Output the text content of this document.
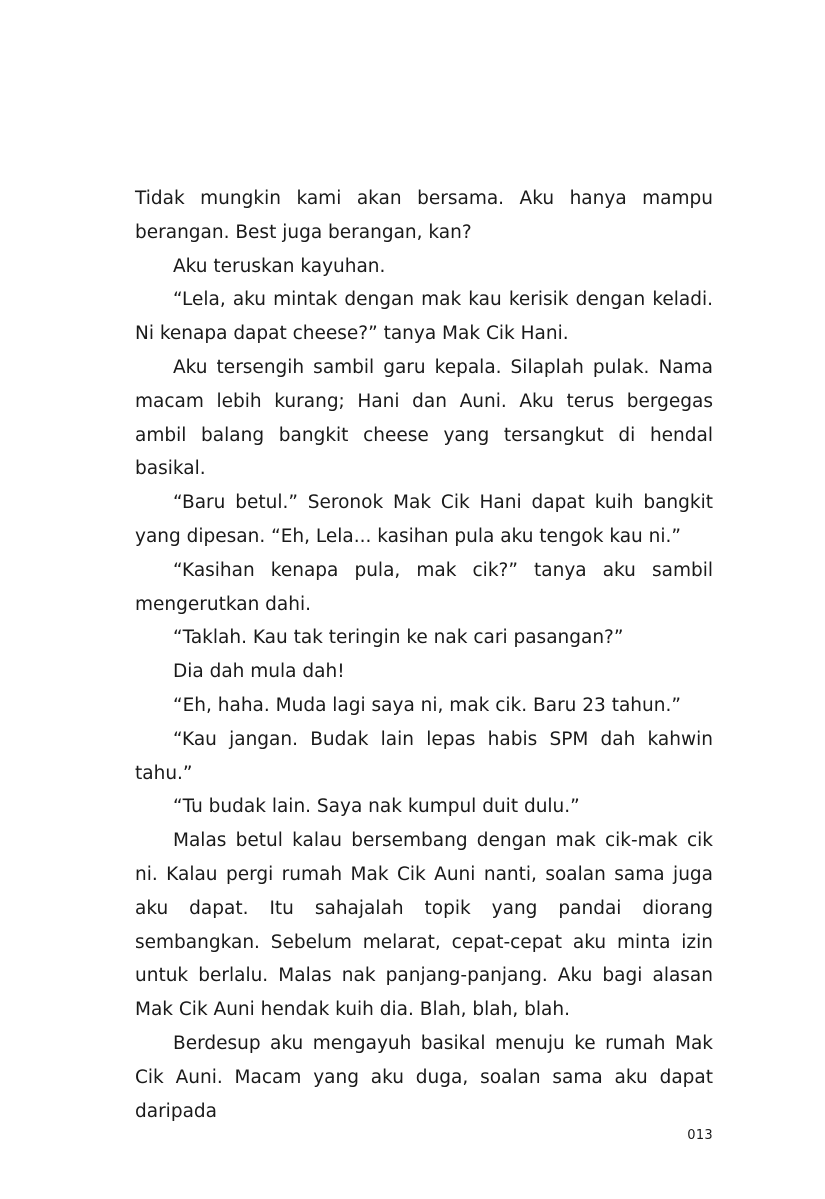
Tidak mungkin kami akan bersama. Aku hanya mampu berangan. Best juga berangan, kan?

Aku teruskan kayuhan.

“Lela, aku mintak dengan mak kau kerisik dengan keladi. Ni kenapa dapat cheese?” tanya Mak Cik Hani.

Aku tersengih sambil garu kepala. Silaplah pulak. Nama macam lebih kurang; Hani dan Auni. Aku terus bergegas ambil balang bangkit cheese yang tersangkut di hendal basikal.

“Baru betul.” Seronok Mak Cik Hani dapat kuih bangkit yang dipesan. “Eh, Lela... kasihan pula aku tengok kau ni.”

“Kasihan kenapa pula, mak cik?” tanya aku sambil mengerutkan dahi.

“Taklah. Kau tak teringin ke nak cari pasangan?”

Dia dah mula dah!

“Eh, haha. Muda lagi saya ni, mak cik. Baru 23 tahun.”

“Kau jangan. Budak lain lepas habis SPM dah kahwin tahu.”

“Tu budak lain. Saya nak kumpul duit dulu.”

Malas betul kalau bersembang dengan mak cik-mak cik ni. Kalau pergi rumah Mak Cik Auni nanti, soalan sama juga aku dapat. Itu sahajalah topik yang pandai diorang sembangkan. Sebelum melarat, cepat-cepat aku minta izin untuk berlalu. Malas nak panjang-panjang. Aku bagi alasan Mak Cik Auni hendak kuih dia. Blah, blah, blah.

Berdesup aku mengayuh basikal menuju ke rumah Mak Cik Auni. Macam yang aku duga, soalan sama aku dapat daripada

013
